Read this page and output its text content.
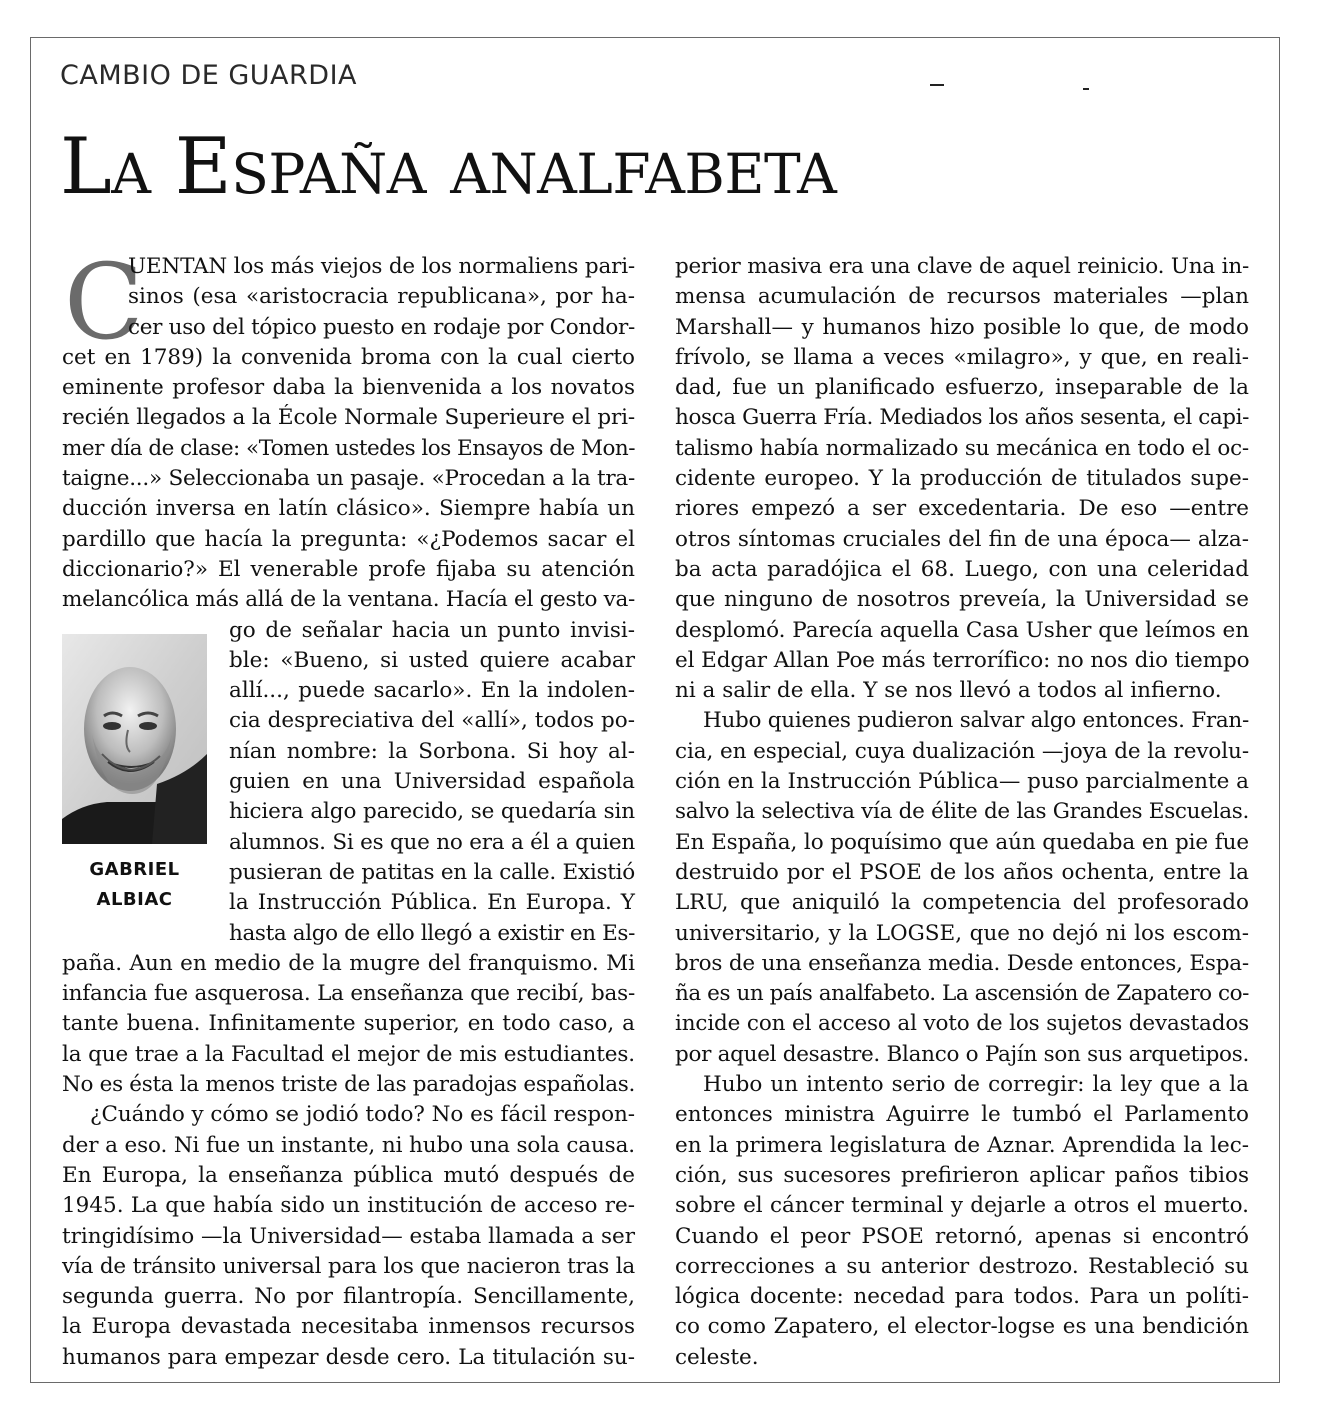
CAMBIO DE GUARDIA
La España analfabeta
C
GABRIEL
ALBIAC
UENTAN los más viejos de los normaliens pari-
sinos (esa «aristocracia republicana», por ha-
cer uso del tópico puesto en rodaje por Condor-
cet en 1789) la convenida broma con la cual cierto
eminente profesor daba la bienvenida a los novatos
recién llegados a la École Normale Superieure el pri-
mer día de clase: «Tomen ustedes los Ensayos de Mon-
taigne...» Seleccionaba un pasaje. «Procedan a la tra-
ducción inversa en latín clásico». Siempre había un
pardillo que hacía la pregunta: «¿Podemos sacar el
diccionario?» El venerable profe fijaba su atención
melancólica más allá de la ventana. Hacía el gesto va-
go de señalar hacia un punto invisi-
ble: «Bueno, si usted quiere acabar
allí..., puede sacarlo». En la indolen-
cia despreciativa del «allí», todos po-
nían nombre: la Sorbona. Si hoy al-
guien en una Universidad española
hiciera algo parecido, se quedaría sin
alumnos. Si es que no era a él a quien
pusieran de patitas en la calle. Existió
la Instrucción Pública. En Europa. Y
hasta algo de ello llegó a existir en Es-
paña. Aun en medio de la mugre del franquismo. Mi
infancia fue asquerosa. La enseñanza que recibí, bas-
tante buena. Infinitamente superior, en todo caso, a
la que trae a la Facultad el mejor de mis estudiantes.
No es ésta la menos triste de las paradojas españolas.
¿Cuándo y cómo se jodió todo? No es fácil respon-
der a eso. Ni fue un instante, ni hubo una sola causa.
En Europa, la enseñanza pública mutó después de
1945. La que había sido un institución de acceso re-
tringidísimo —la Universidad— estaba llamada a ser
vía de tránsito universal para los que nacieron tras la
segunda guerra. No por filantropía. Sencillamente,
la Europa devastada necesitaba inmensos recursos
humanos para empezar desde cero. La titulación su-
perior masiva era una clave de aquel reinicio. Una in-
mensa acumulación de recursos materiales —plan
Marshall— y humanos hizo posible lo que, de modo
frívolo, se llama a veces «milagro», y que, en reali-
dad, fue un planificado esfuerzo, inseparable de la
hosca Guerra Fría. Mediados los años sesenta, el capi-
talismo había normalizado su mecánica en todo el oc-
cidente europeo. Y la producción de titulados supe-
riores empezó a ser excedentaria. De eso —entre
otros síntomas cruciales del fin de una época— alza-
ba acta paradójica el 68. Luego, con una celeridad
que ninguno de nosotros preveía, la Universidad se
desplomó. Parecía aquella Casa Usher que leímos en
el Edgar Allan Poe más terrorífico: no nos dio tiempo
ni a salir de ella. Y se nos llevó a todos al infierno.
Hubo quienes pudieron salvar algo entonces. Fran-
cia, en especial, cuya dualización —joya de la revolu-
ción en la Instrucción Pública— puso parcialmente a
salvo la selectiva vía de élite de las Grandes Escuelas.
En España, lo poquísimo que aún quedaba en pie fue
destruido por el PSOE de los años ochenta, entre la
LRU, que aniquiló la competencia del profesorado
universitario, y la LOGSE, que no dejó ni los escom-
bros de una enseñanza media. Desde entonces, Espa-
ña es un país analfabeto. La ascensión de Zapatero co-
incide con el acceso al voto de los sujetos devastados
por aquel desastre. Blanco o Pajín son sus arquetipos.
Hubo un intento serio de corregir: la ley que a la
entonces ministra Aguirre le tumbó el Parlamento
en la primera legislatura de Aznar. Aprendida la lec-
ción, sus sucesores prefirieron aplicar paños tibios
sobre el cáncer terminal y dejarle a otros el muerto.
Cuando el peor PSOE retornó, apenas si encontró
correcciones a su anterior destrozo. Restableció su
lógica docente: necedad para todos. Para un políti-
co como Zapatero, el elector-logse es una bendición
celeste.
